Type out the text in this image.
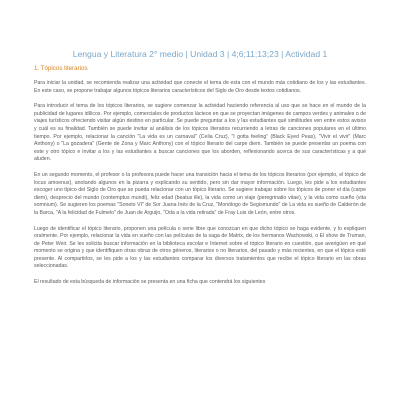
Lengua y Literatura 2° medio | Unidad 3 | 4;6;11;13;23 | Actividad 1
1. Tópicos literarios

Para iniciar la unidad, se recomienda realizar una actividad que conecte el tema de esta con el mundo más cotidiano de los y las estudiantes. En este caso, se propone trabajar algunos tópicos literarios característicos del Siglo de Oro desde textos cotidianos.

Para introducir el tema de los tópicos literarios, se sugiere comenzar la actividad haciendo referencia al uso que se hace en el mundo de la publicidad de lugares idílicos. Por ejemplo, comerciales de productos lácteos en que se proyectan imágenes de campos verdes y animales o de viajes turísticos ofreciendo visitar algún destino en particular. Se puede preguntar a los y las estudiantes qué similitudes ven entre estos avisos y cuál es su finalidad. También se puede invitar al análisis de los tópicos literarios recurriendo a letras de canciones populares en el último tiempo. Por ejemplo, relacionar la canción "La vida es un carnaval" (Celia Cruz), "I gotta feeling" (Black Eyed Peas), "Vivir el vivir" (Marc Anthony) o "La gozadera" (Gente de Zona y Marc Anthony) con el tópico literario del carpe diem. También se puede presentar un poema con este y otro tópico e invitar a los y las estudiantes a buscar canciones que los aborden, reflexionando acerca de sus características y a qué aluden.

En un segundo momento, el profesor o la profesora puede hacer una transición hacia el tema de los tópicos literarios (por ejemplo, el tópico de locus amoenus), anotando algunos en la pizarra y explicando su sentido, pero sin dar mayor información. Luego, les pide a los estudiantes escoger uno típico del Siglo de Oro que se pueda relacionar con un tópico literario. Se sugiere trabajar sobre los tópicos de poner el día (carpe diem), desprecio del mundo (contemptus mundi), feliz edad (beatus ille), la vida como un viaje (peregrinatio vitae), y la vida como sueño (vita somnium). Se sugieren los poemas "Soneto VI" de Sor Juana Inés de la Cruz, "Monólogo de Segismundo" de La vida es sueño de Calderón de la Barca, "A la felicidad de Fulmelo" de Juan de Arguijo, "Oda a la vida retirada" de Fray Luis de León, entre otros.

Luego de identificar el tópico literario, proponen una película o serie libre que conozcan en que dicho tópico se haga evidente, y lo expliquen oralmente. Por ejemplo, relacionar la vida en sueño con las películas de la saga de Matrix, de los hermanos Wachowski, o El show de Truman, de Peter Weir. Se les solicita buscar información en la biblioteca escolar e Internet sobre el tópico literario en cuestión, que averigüen en qué momento se origina y que identifiquen otras obras de otros géneros, literarios o no literarios, del pasado y más recientes, en que el tópico esté presente. Al compartirlos, se les pide a los y las estudiantes comparar los diversos tratamientos que recibe el tópico literario en las obras seleccionadas.

El resultado de esta búsqueda de información se presenta en una ficha que contendrá los siguientes
